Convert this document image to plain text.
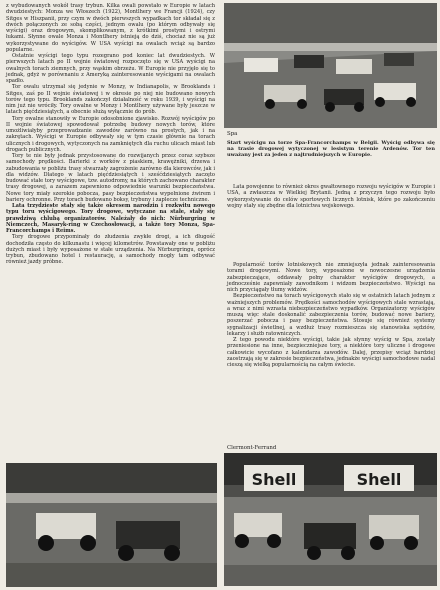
z wybudowanych wokół trasy trybun. Kilka owali powstało w Europie w latach dwudziestych: Monza we Włoszech (1922), Montlhery we Francji (1924), czy Sitges w Hiszpanii, przy czym w dwóch pierwszych wypadkach tor składał się z dwóch połączonych ze sobą części, jednym owalu (po którym odbywały się wyścigi) oraz drogowym, skomplikowanym, z krótkimi prostymi i ostrymi łukami. Słynne owale Monza i Montlhery istnieją do dziś, chociaż nie są już wykorzystywane do wyścigów. W USA wyścigi na owalach wciąż są bardzo popularne.

Ostatnie wyścigi tego typu rozegrano pod koniec lat dwudziestych. W pierwszych latach po II wojnie światowej rozpoczęto się w USA wyścigi na owalnych torach ziemnych, przy wąskim obrzeżu. W Europie nie przyjęło się to jednak, gdyż w porównaniu z Ameryką zainteresowanie wyścigami na owalach spadło.

Tor owalu utrzymał się jedynie w Monzy, w Indianapolis, w Brooklands i Sitges, zaś po II wojnie światowej i w okresie po niej nie budowano nowych torów tego typu. Brooklands zakończył działalność w roku 1939, i wyścigi na nim już nie wróciły. Tory owalne w Monzy i Montlhery używane były jeszcze w latach pięćdziesiątych, a obecnie służą wyłącznie do prób.

Tory owalne stanowiły w Europie odosobnione zjawisko. Rozwój wyścigów po II wojnie światowej spowodował potrzebę budowy nowych torów, które umożliwiałyby przeprowadzanie zawodów zarówno na prostych, jak i na zakrętach. Wyścigi w Europie odbywały się w tym czasie głównie na torach ulicznych i drogowych, wytyczonych na zamkniętych dla ruchu ulicach miast lub drogach publicznych.

Tory te nie były jednak przystosowane do rozwijanych przez coraz szybsze samochody prędkości. Barierki z worków z piaskiem, krawężniki, drzewa i zabudowania w pobliżu trasy stwarzały zagrożenie zarówno dla kierowców, jak i dla widzów. Dlatego w latach pięćdziesiątych i sześćdziesiątych zaczęto budować stałe tory wyścigowe, tzw. autodromy, na których zachowano charakter trasy drogowej, a zarazem zapewniono odpowiednie warunki bezpieczeństwa. Nowe tory miały szerokie pobocza, pasy bezpieczeństwa wypełnione żwirem i bariery ochronne. Przy torach budowano boksy, trybuny i zaplecze techniczne.

Lata trzydzieste stały się także okresem narodzin i rozkwitu nowego typu toru wyścigowego. Tory drogowe, wytyczane na stałe, stały się prawdziwą chlubą organizatorów. Należały do nich: Nürburgring w Niemczech, Masaryk-ring w Czechosłowacji, a także tory Monza, Spa-Francorchamps i Reims.

Tory drogowe przypominały do złudzenia zwykłe drogi, a ich długość dochodziła często do kilkunastu i więcej kilometrów. Powstawały one w pobliżu dużych miast i były wyposażone w stałe urządzenia. Na Nürburgringu, oprócz trybun, zbudowano hotel i restaurację, a samochody mogły tam odbywać również jazdy próbne.

Spa
Start wyścigu na torze Spa-Francorchamps w Belgii. Wyścig odbywa się na trasie drogowej wytyczonej w lesistym terenie Ardenów. Tor ten uważany jest za jeden z najtrudniejszych w Europie.

Lata powojenne to również okres gwałtownego rozwoju wyścigów w Europie i USA, a zwłaszcza w Wielkiej Brytanii. Jedną z przyczyn tego rozwoju było wykorzystywanie do celów sportowych licznych lotnisk, które po zakończeniu wojny stały się zbędne dla lotnictwa wojskowego.

Popularność torów lotniskowych nie zmniejszyła jednak zainteresowania torami drogowymi. Nowe tory, wyposażone w nowoczesne urządzenia zabezpieczające, oddawały pełny charakter wyścigów drogowych, a jednocześnie zapewniały zawodnikom i widzom bezpieczeństwo. Wyścigi na nich przyciągały tłumy widzów.

Bezpieczeństwo na torach wyścigowych stało się w ostatnich latach jednym z ważniejszych problemów. Prędkości samochodów wyścigowych stale wzrastają, a wraz z nimi wzrasta niebezpieczeństwo wypadków. Organizatorzy wyścigów muszą więc stale doskonalić zabezpieczenia torów, budować nowe bariery, poszerzać pobocza i pasy bezpieczeństwa. Stosuje się również systemy sygnalizacji świetlnej, a wzdłuż trasy rozmieszcza się stanowiska sędziów, lekarzy i służb ratowniczych.

Z tego powodu niektóre wyścigi, takie jak słynny wyścig w Spa, zostały przeniesione na inne, bezpieczniejsze tory, a niektóre tory uliczne i drogowe całkowicie wycofano z kalendarza zawodów. Dalej, przepisy wciąż bardziej zaostrzają się w zakresie bezpieczeństwa, jednakże wyścigi samochodowe nadal cieszą się wielką popularnością na całym świecie.

Clermont-Ferrand
Shell	Shell
